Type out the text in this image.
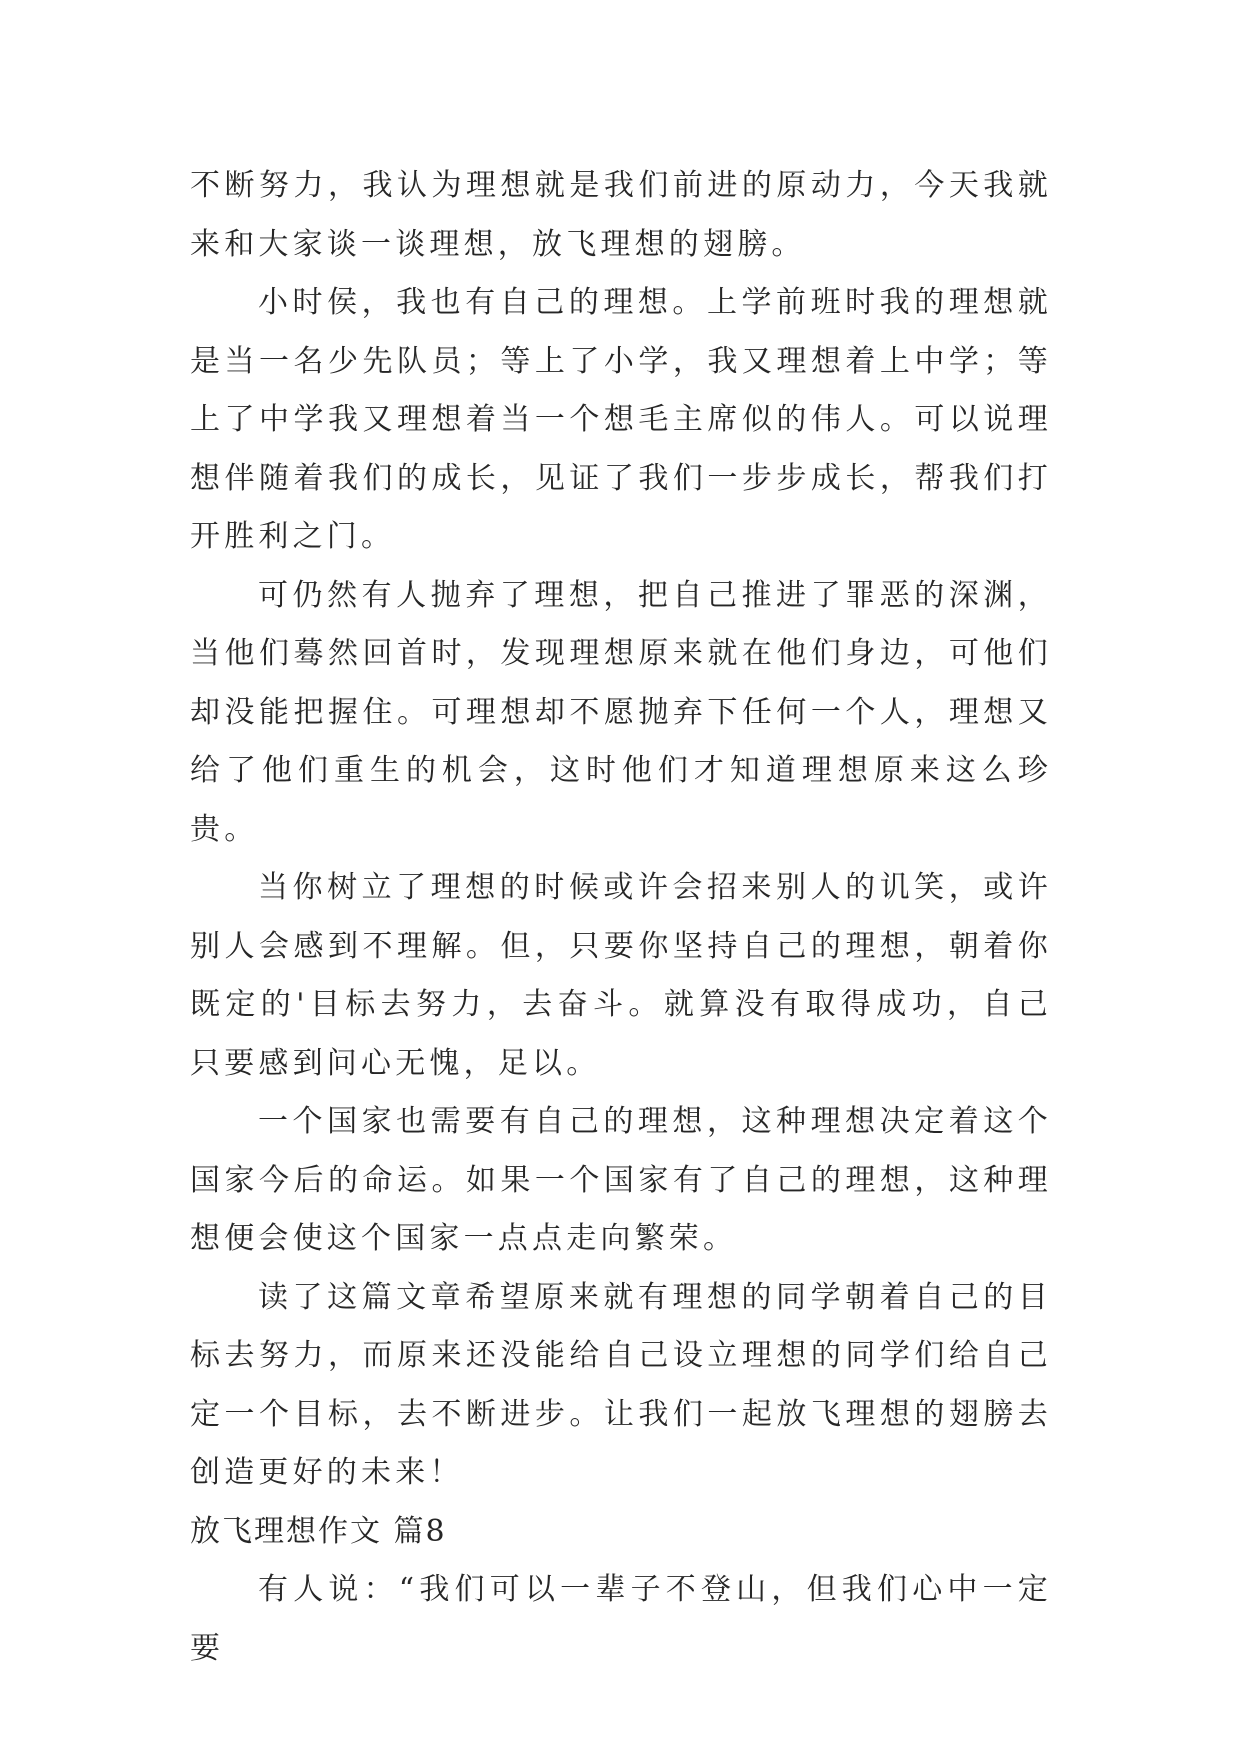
不断努力，我认为理想就是我们前进的原动力，今天我就来和大家谈一谈理想，放飞理想的翅膀。

小时侯，我也有自己的理想。上学前班时我的理想就是当一名少先队员；等上了小学，我又理想着上中学；等上了中学我又理想着当一个想毛主席似的伟人。可以说理想伴随着我们的成长，见证了我们一步步成长，帮我们打开胜利之门。

可仍然有人抛弃了理想，把自己推进了罪恶的深渊，当他们蓦然回首时，发现理想原来就在他们身边，可他们却没能把握住。可理想却不愿抛弃下任何一个人，理想又给了他们重生的机会，这时他们才知道理想原来这么珍贵。

当你树立了理想的时候或许会招来别人的讥笑，或许别人会感到不理解。但，只要你坚持自己的理想，朝着你既定的'目标去努力，去奋斗。就算没有取得成功，自己只要感到问心无愧，足以。

一个国家也需要有自己的理想，这种理想决定着这个国家今后的命运。如果一个国家有了自己的理想，这种理想便会使这个国家一点点走向繁荣。

读了这篇文章希望原来就有理想的同学朝着自己的目标去努力，而原来还没能给自己设立理想的同学们给自己定一个目标，去不断进步。让我们一起放飞理想的翅膀去创造更好的未来！

放飞理想作文 篇8

有人说：“我们可以一辈子不登山，但我们心中一定要
